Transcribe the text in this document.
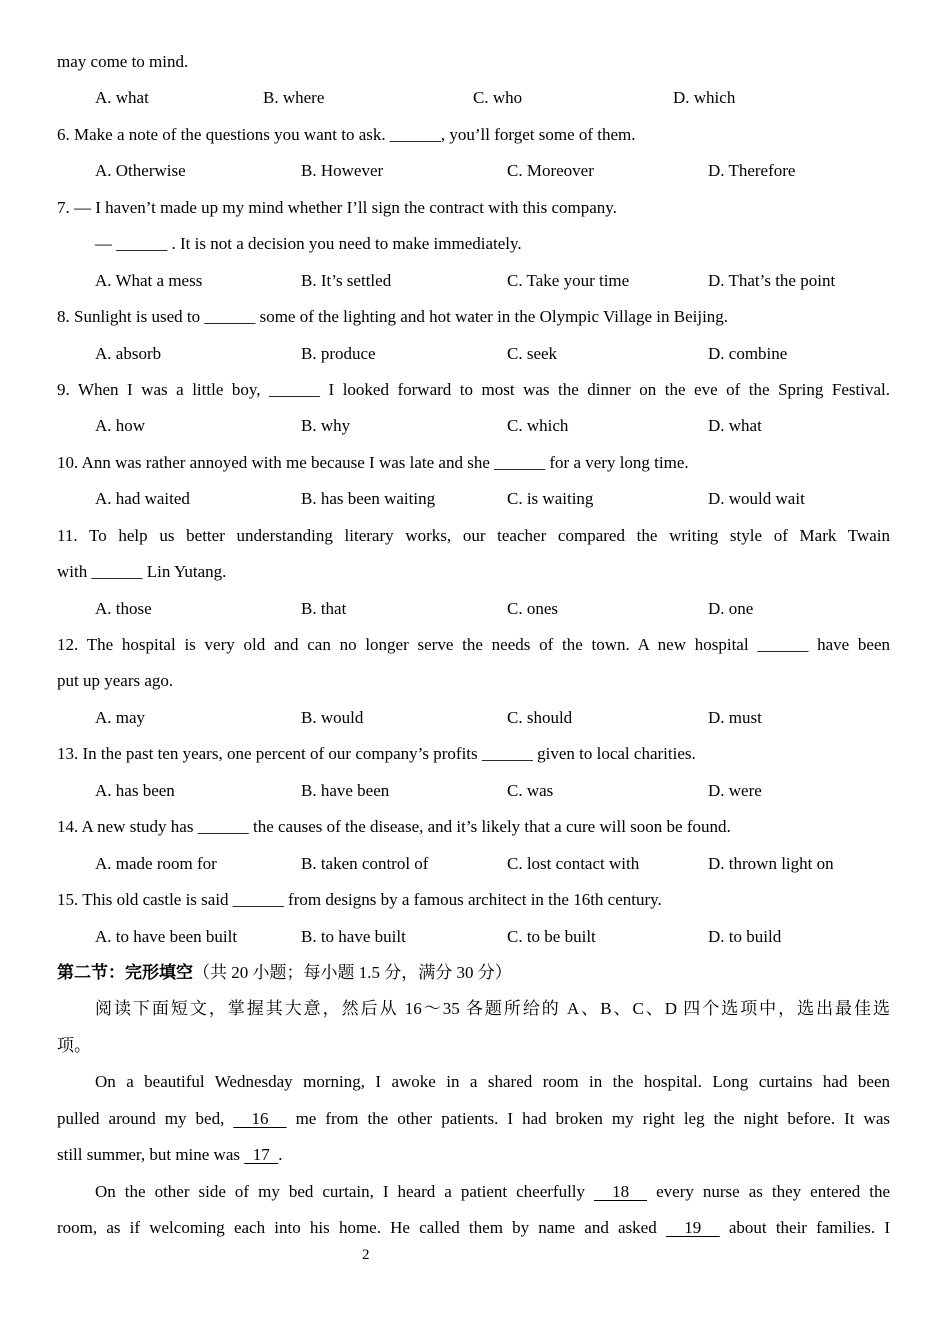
may come to mind.
A. what	B. where	C. who	D. which
6. Make a note of the questions you want to ask. ______, you’ll forget some of them.
A. Otherwise	B. However	C. Moreover	D. Therefore
7. — I haven’t made up my mind whether I’ll sign the contract with this company.
— ______ . It is not a decision you need to make immediately.
A. What a mess	B. It’s settled	C. Take your time	D. That’s the point
8. Sunlight is used to ______ some of the lighting and hot water in the Olympic Village in Beijing.
A. absorb	B. produce	C. seek	D. combine
9. When I was a little boy, ______ I looked forward to most was the dinner on the eve of the Spring Festival.
A. how	B. why	C. which	D. what
10. Ann was rather annoyed with me because I was late and she ______ for a very long time.
A. had waited	B. has been waiting	C. is waiting	D. would wait
11. To help us better understanding literary works, our teacher compared the writing style of Mark Twain
with ______ Lin Yutang.
A. those	B. that	C. ones	D. one
12. The hospital is very old and can no longer serve the needs of the town. A new hospital ______ have been
put up years ago.
A. may	B. would	C. should	D. must
13. In the past ten years, one percent of our company’s profits ______ given to local charities.
A. has been	B. have been	C. was	D. were
14. A new study has ______ the causes of the disease, and it’s likely that a cure will soon be found.
A. made room for	B. taken control of	C. lost contact with	D. thrown light on
15. This old castle is said ______ from designs by a famous architect in the 16th century.
A. to have been built	B. to have built	C. to be built	D. to build
第二节：完形填空（共 20 小题；每小题 1.5 分，满分 30 分）
阅读下面短文，掌握其大意，然后从 16～35 各题所给的 A、B、C、D 四个选项中，选出最佳选
项。
On a beautiful Wednesday morning, I awoke in a shared room in the hospital. Long curtains had been
pulled around my bed,   16   me from the other patients. I had broken my right leg the night before. It was
still summer, but mine was   17  .
On the other side of my bed curtain, I heard a patient cheerfully   18   every nurse as they entered the
room, as if welcoming each into his home. He called them by name and asked   19   about their families. I
2
